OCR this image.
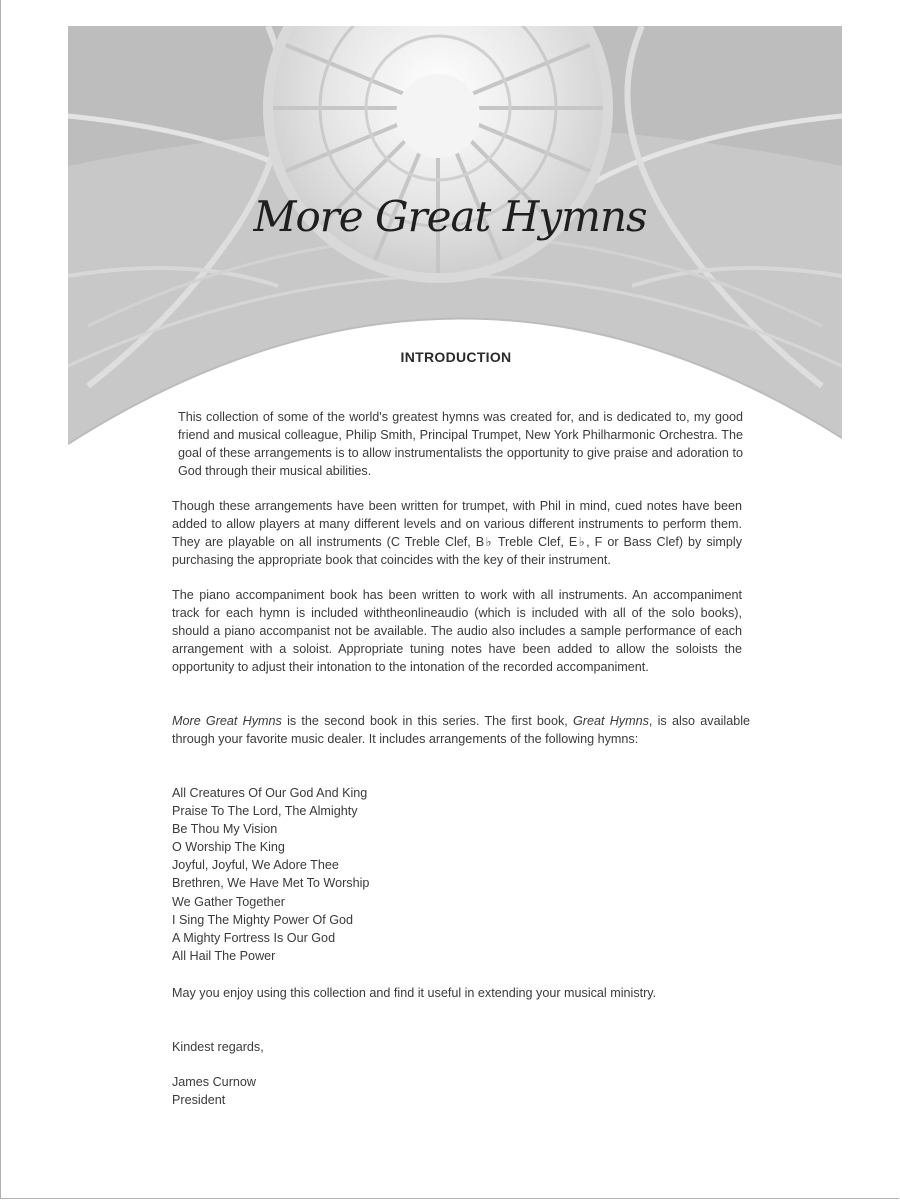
More Great Hymns
INTRODUCTION

This collection of some of the world's greatest hymns was created for, and is dedicated to, my good friend and musical colleague, Philip Smith, Principal Trumpet, New York Philharmonic Orchestra. The goal of these arrangements is to allow instrumentalists the opportunity to give praise and adoration to God through their musical abilities.

Though these arrangements have been written for trumpet, with Phil in mind, cued notes have been added to allow players at many different levels and on various different instruments to perform them. They are playable on all instruments (C Treble Clef, B♭ Treble Clef, E♭, F or Bass Clef) by simply purchasing the appropriate book that coincides with the key of their instrument.

The piano accompaniment book has been written to work with all instruments. An accompaniment track for each hymn is included withtheonlineaudio (which is included with all of the solo books), should a piano accompanist not be available. The audio also includes a sample performance of each arrangement with a soloist. Appropriate tuning notes have been added to allow the soloists the opportunity to adjust their intonation to the intonation of the recorded accompaniment.

More Great Hymns is the second book in this series. The first book, Great Hymns, is also available through your favorite music dealer. It includes arrangements of the following hymns:

All Creatures Of Our God And King
Praise To The Lord, The Almighty
Be Thou My Vision
O Worship The King
Joyful, Joyful, We Adore Thee
Brethren, We Have Met To Worship
We Gather Together
I Sing The Mighty Power Of God
A Mighty Fortress Is Our God
All Hail The Power

May you enjoy using this collection and find it useful in extending your musical ministry.

Kindest regards,

James Curnow

President
